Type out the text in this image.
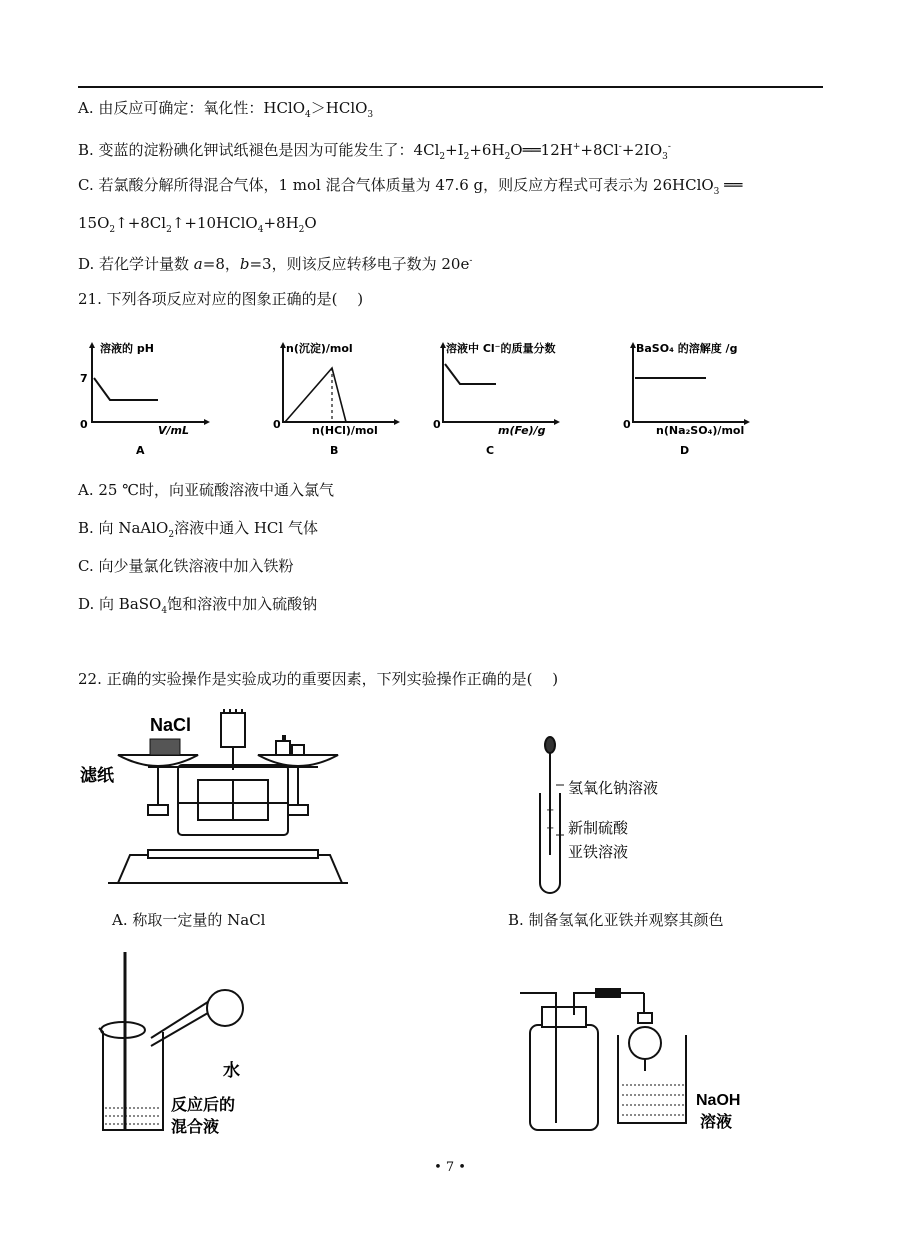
A. 由反应可确定：氧化性：HClO$_4$＞HClO$_3$
B. 变蓝的淀粉碘化钾试纸褪色是因为可能发生了：$4Cl_2+I_2+6H_2O══12H^++8Cl^-+2IO_3^-$
C. 若氯酸分解所得混合气体，1 mol 混合气体质量为 47.6 g，则反应方程式可表示为 26HClO$_3$ ══
$15O_2↑+8Cl_2↑+10HClO_4+8H_2O$
D. 若化学计量数 a=8，b=3，则该反应转移电子数为 20e-
21. 下列各项反应对应的图象正确的是(　 )
溶液的 pH
7
0	V/mL
A
n(沉淀)/mol
0	n(HCl)/mol
B
溶液中 Cl⁻的质量分数
0	m(Fe)/g
C
BaSO₄ 的溶解度 /g
0 n(Na₂SO₄)/mol
D
A. 25 ℃时，向亚硫酸溶液中通入氯气
B. 向 NaAlO$_2$溶液中通入 HCl 气体
C. 向少量氯化铁溶液中加入铁粉
D. 向 BaSO$_4$饱和溶液中加入硫酸钠
22. 正确的实验操作是实验成功的重要因素，下列实验操作正确的是(　 )
NaCl
滤纸
A. 称取一定量的 NaCl
+
+
氢氧化钠溶液
新制硫酸
亚铁溶液
B. 制备氢氧化亚铁并观察其颜色
水
反应后的
混合液
NaOH
溶液
• 7 •
